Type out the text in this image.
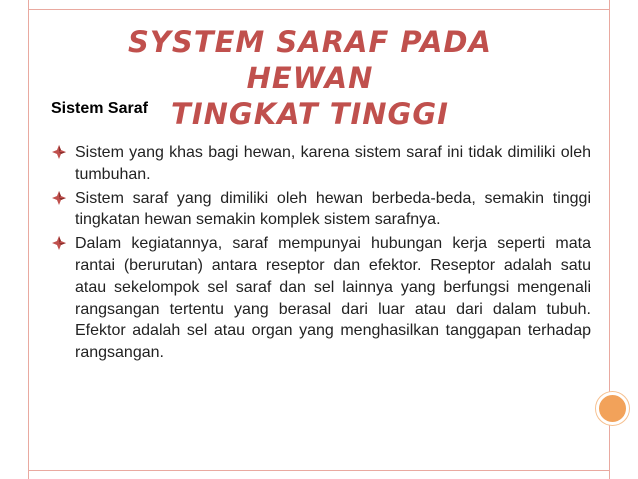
SYSTEM SARAF PADA HEWAN
TINGKAT TINGGI
Sistem Saraf
Sistem yang khas bagi hewan, karena sistem saraf ini tidak dimiliki oleh tumbuhan.
Sistem saraf yang dimiliki oleh hewan berbeda-beda, semakin tinggi tingkatan hewan semakin komplek sistem sarafnya.
Dalam kegiatannya, saraf mempunyai hubungan kerja seperti mata rantai (berurutan) antara reseptor dan efektor. Reseptor adalah satu atau sekelompok sel saraf dan sel lainnya yang berfungsi mengenali rangsangan tertentu yang berasal dari luar atau dari dalam tubuh. Efektor adalah sel atau organ yang menghasilkan tanggapan terhadap rangsangan.
